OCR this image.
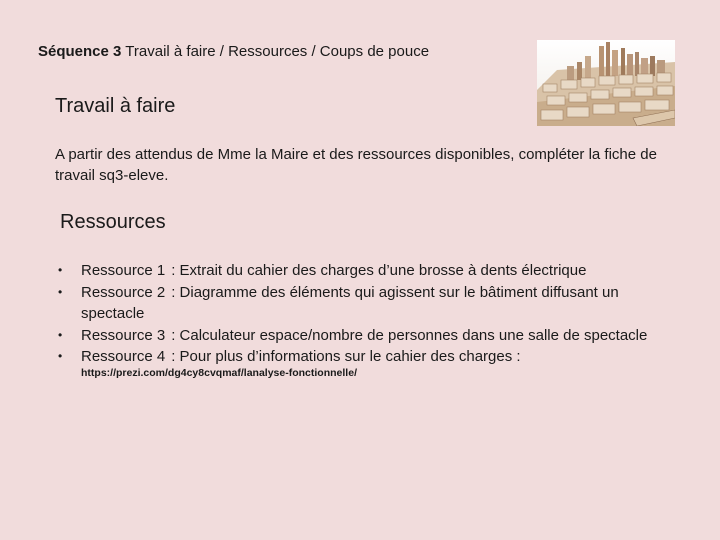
Séquence 3 Travail à faire / Ressources / Coups de pouce
Travail à faire
A partir des attendus de Mme la Maire et des ressources disponibles, compléter la fiche de travail sq3-eleve.
Ressources
•	Ressource 1 : Extrait du cahier des charges d’une brosse à dents électrique
•	Ressource 2 : Diagramme des éléments qui agissent sur le bâtiment diffusant un
spectacle
•	Ressource 3 : Calculateur espace/nombre de personnes dans une salle de spectacle
•	Ressource 4 : Pour plus d’informations sur le cahier des charges :
https://prezi.com/dg4cy8cvqmaf/lanalyse-fonctionnelle/
